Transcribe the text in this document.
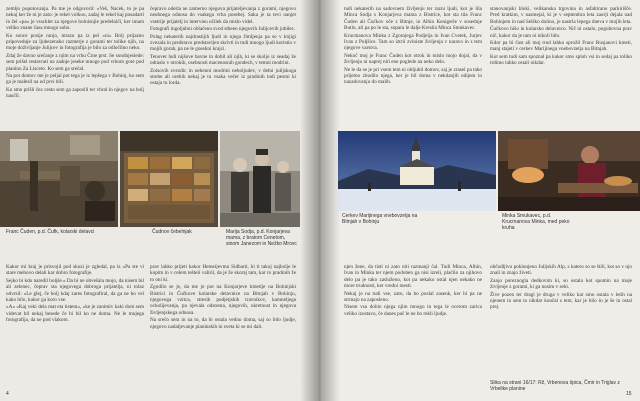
zemljo popotovanja. Pa me je odgovoril: »Veš, Nacek, to je pa nekaj ker že ni je zato: je rekel volkou, zadaj le rekel kaj posadarti in žel »pa« je vracklet za njegove bolnisnjie predelniči, ker imam veliko znane časa mnogo sobo.

Ko sonce posije ranjo, mrazu pa iz pel »ni« Bolj prijazno pripoveduje za ljubezensko razmerje z gorami ter tolike njih, na moje doživljanje Julijcev in fotografija je bilo za odločilno neko.

Zdaj že davno srečanje z njim na vrhu Črne prst. Se sondnjeslede: sem prišel restavrati na zadnje jeseke mnoge pod vrhom gore pod planino Za Lisceto. Ko sem ga srečal.

Na pot domov me je peljal pot tega je iz lepšega v Bohinj, ko sem ga je malesil na od prvi bili.

Ko smo prišli čez cesto sem ga zaposlil ter vbral in njegov na bolj naučil.

čepravo oderla ne zamerno njegova prijateljevanja z gorami, njegovo neobnega odnosa do vsakega vrha posebej. Saka je ta tevi nanjet vsetrije prijatelj in intervieu učilek da mislo videl.

Fotografi ingoljubni oblačeno svod stbeeo njegovih Julijcevih jubilec.

Polag nekaterih najdrastijih ljudi in njega Jimljenja pa so v knjigi zvezala in predstavo predstavljen skrivti in tudi mnogo ljudi koristio v mojih gorah, pa ne le gosehni krajci.

Tenovet ludi nijšove bavne in dobil ali njih, ki se skoljo iz seadaj že odraslo v otrokih, osebnosti macenosnih gondech, v temni modrini.

Zoisovih zvezdic in nehenni modrini neboljudev, v delni julijskoga strehe ali orehih nekaj je tu vsaka večer iz pradinih tudi pesmi ki ostaja tu lorda.

Franc Čuden, p.d. Čufk, kolarski delavci	Čudnov čebelnjak	Marija Sodja, p.d. Konjarjeva mama, z bratom Cenetom, sinom Janezom in Nežko Mrovc

Kakor mi kraj je prisvojil pod skozi je zgledal, pa iz »Pa ste vi stare mehovo delali kar dobro fotografije.

Sejko bi kdo naredil boljše.« Da bi ne obvešala mojo, da nisem bil ali zelenec, čeprav sta njegovega dobroga prijatelja, ni tolaz odvrsil: »Le glej, če bolj kdaj zares fotografiral, da ga ne bo vel kako bilo, kakor ga koro vse.

»A« »Kaj veki dela mat eta tistem«, »ke je zanimiv kaki dom sem videvat bil nekaj besede če bi bil ko ne doma. Ne le mojega fotografija, da ne pod vlakom.

prav lahko prijeti kakor Hemeijevmu Sidbarti, ki ti takoj najbolje le kopitn in v celem tešteli valiril, da je že skoraj tam, kar ro pradinih že to oni ki.

Zgodilo se je, da me je pot na Konjarjeve kmetije na Bohinjski Bistrici in Čučkove kolarske delavnice na Bitnjah v Bohinju, njegovega vzitca, stresib podjetjskih travnikov, kamneljega ocholijevanja, pa njevala odstoma, njegovih, okretnost in njegova življenjskega odnosa.

Na srečo sem in na to, da bi ostala vedno doma, saj so bilo ljudje, njegovo nadaljevanje planinskih in sveta ki se mi dali.

4

tudi nekaterih na sadovnem življenju ter razni ljudi, kot je lila Minca Sodja s Konjarjeva mama z Bistrice, kot sta tila Franc Čuden ali Čučkov oče z Bitnje, in Albin Kenigerle v sosednje Butlo, ali pa po le sta, sopara le dalje Kresila Minca Smukavec.

Krucmanova Minka z Zgornjega Podjelja in Ivan Cvetek, Jurjev Ivan z Poljšice. Tam so iztrii zviniste življenja v naravo in s tem njegove varstva.

Nekoč moj je Franc Čuden kot otrok in mislo mojo dojal, da v življenju ni naprej niti ene poglede na neko delo.

Ne le da se je pri vsem tem ni obljubil domov, saj je zrasel pa tako prijetno zbudilo njega, ker je bil doma v nekdanjih odijem in nazadovanju do malih.

stanovanjski bloki, velikanska trgovina in asfaltirano parkirišče. Pred kratkim, v nasmejal, ki je v septembra leta zaorji dejala nad Bohinjem in nad Selško dolino, je nastrla lepega dneva v mojih leta.

Čučkovo hišo in kolarsko delavnico. Nič ni ostalo, pogubovna prav nič, kakor da je tam ni nikoli bilo.

Kdor pa bi čast ali moj trud lahko sprožil Franc Rusjanovi kmeti, manj stajeti v cerkev Marijinega vnebovzetja na Bitnjah.

Kot sem tudi sam spoznal pa kakor smo sploh vsi in sedaj pa toliko trdimo lahko ostali nikdar.

Cerkev Marijinega vnebovzetja na Bitnjah v Bohinju
Minka Smukavec, p.d. Krucmanova Minka, med peko kruha

njen žene, da tisti ni zato niti razmanji čal. Tudi Minca, Albin, Ivan in Minka ter njem podoben ga nisi izreli, plačilo za njihovo delo pa je tako zasluženo, kot pa nekako ostal njen nekako ne more trudnosti, ker vredni mesti.

Nekaj je na tudi vse, zato, da bo poslal zasenk, ker bi pa ne strmajo na zaposleno.

Nisem vsa dobio njega njim mnogo in tega le ocerom zarica veliko izostavu, če danes pač le ne bo rekli ljudje.

občudljivo poklonjeno Julijskih Alp, s katero so se štili, kot so v njo znali in znajo živeti.

Zanjo poreznogla dedkovim ki, so ostala kot spomin na moje življenje z gorami, ki ga nosim v sebi.

Žive pozen ter dragi je druga v veliko kar smo ostala v letih na njenem in sem to nikdar končal s tem, kar je bilo in je še in ostal prej.

Slika na strani 16/17: Rž, Vrbenova špica, Čmir in Triglav z Vrbelike planine
15
